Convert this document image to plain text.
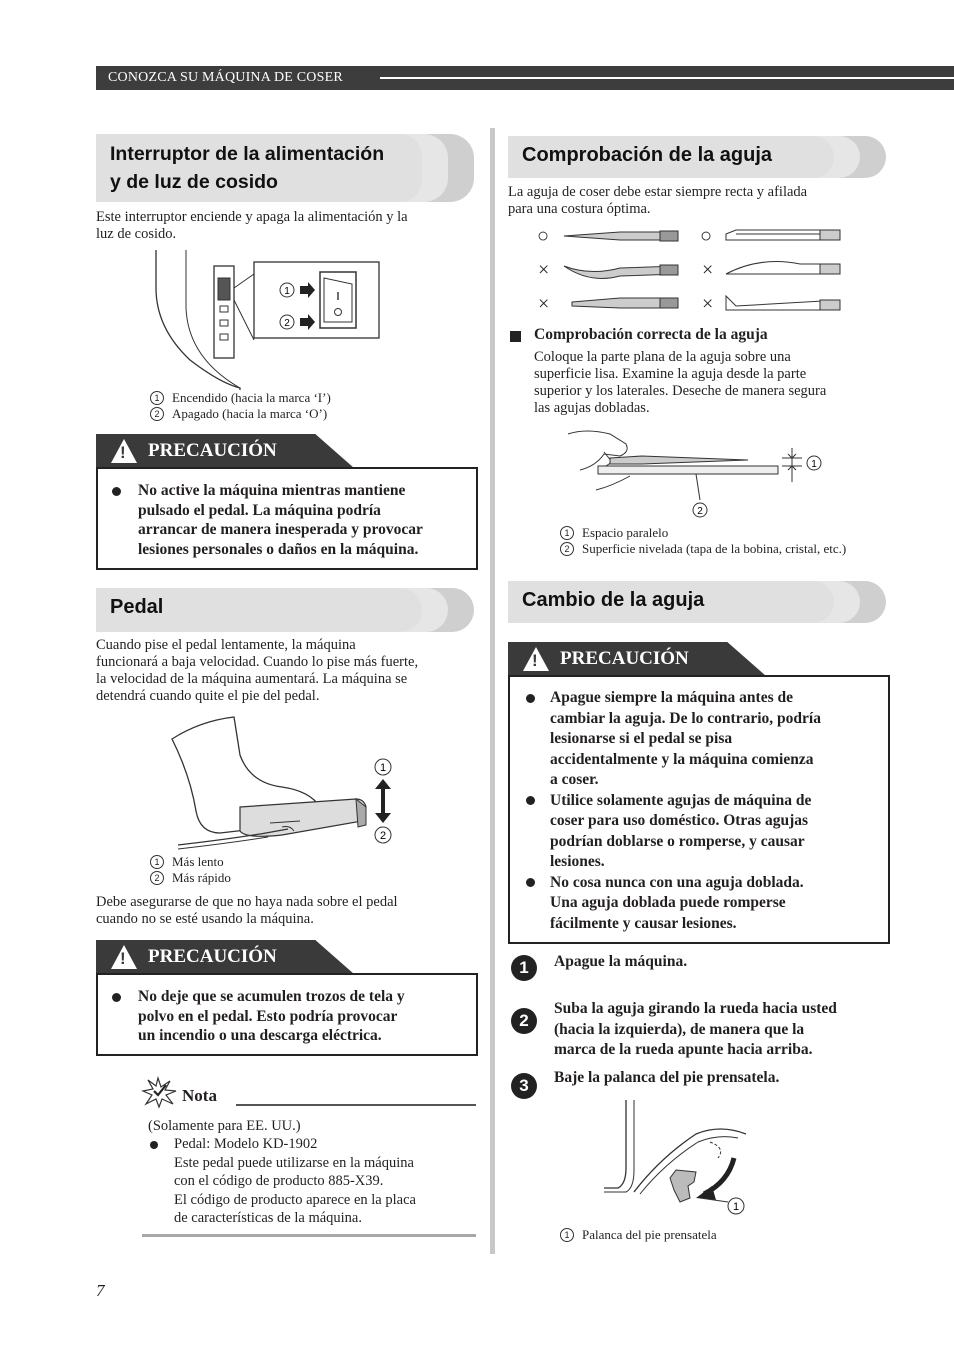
CONOZCA SU MÁQUINA DE COSER
Interruptor de la alimentación
y de luz de cosido
Este interruptor enciende y apaga la alimentación y la
luz de cosido.
1
2
1 Encendido (hacia la marca ‘I’)
2 Apagado (hacia la marca ‘O’)
! PRECAUCIÓN
No active la máquina mientras mantiene
pulsado el pedal. La máquina podría
arrancar de manera inesperada y provocar
lesiones personales o daños en la máquina.
Pedal
Cuando pise el pedal lentamente, la máquina
funcionará a baja velocidad. Cuando lo pise más fuerte,
la velocidad de la máquina aumentará. La máquina se
detendrá cuando quite el pie del pedal.
1
2
1 Más lento
2 Más rápido
Debe asegurarse de que no haya nada sobre el pedal
cuando no se esté usando la máquina.
! PRECAUCIÓN
No deje que se acumulen trozos de tela y
polvo en el pedal. Esto podría provocar
un incendio o una descarga eléctrica.
Nota
(Solamente para EE. UU.)
Pedal: Modelo KD-1902
Este pedal puede utilizarse en la máquina
con el código de producto 885-X39.
El código de producto aparece en la placa
de características de la máquina.
Comprobación de la aguja
La aguja de coser debe estar siempre recta y afilada
para una costura óptima.
○	○
×	×
×	×
Comprobación correcta de la aguja
Coloque la parte plana de la aguja sobre una
superficie lisa. Examine la aguja desde la parte
superior y los laterales. Deseche de manera segura
las agujas dobladas.
1
2
1 Espacio paralelo
2 Superficie nivelada (tapa de la bobina, cristal, etc.)
Cambio de la aguja
! PRECAUCIÓN
Apague siempre la máquina antes de
cambiar la aguja. De lo contrario, podría
lesionarse si el pedal se pisa
accidentalmente y la máquina comienza
a coser.
Utilice solamente agujas de máquina de
coser para uso doméstico. Otras agujas
podrían doblarse o romperse, y causar
lesiones.
No cosa nunca con una aguja doblada.
Una aguja doblada puede romperse
fácilmente y causar lesiones.
1	Apague la máquina.
2
Suba la aguja girando la rueda hacia usted
(hacia la izquierda), de manera que la
marca de la rueda apunte hacia arriba.
3	Baje la palanca del pie prensatela.
1
1 Palanca del pie prensatela
7
